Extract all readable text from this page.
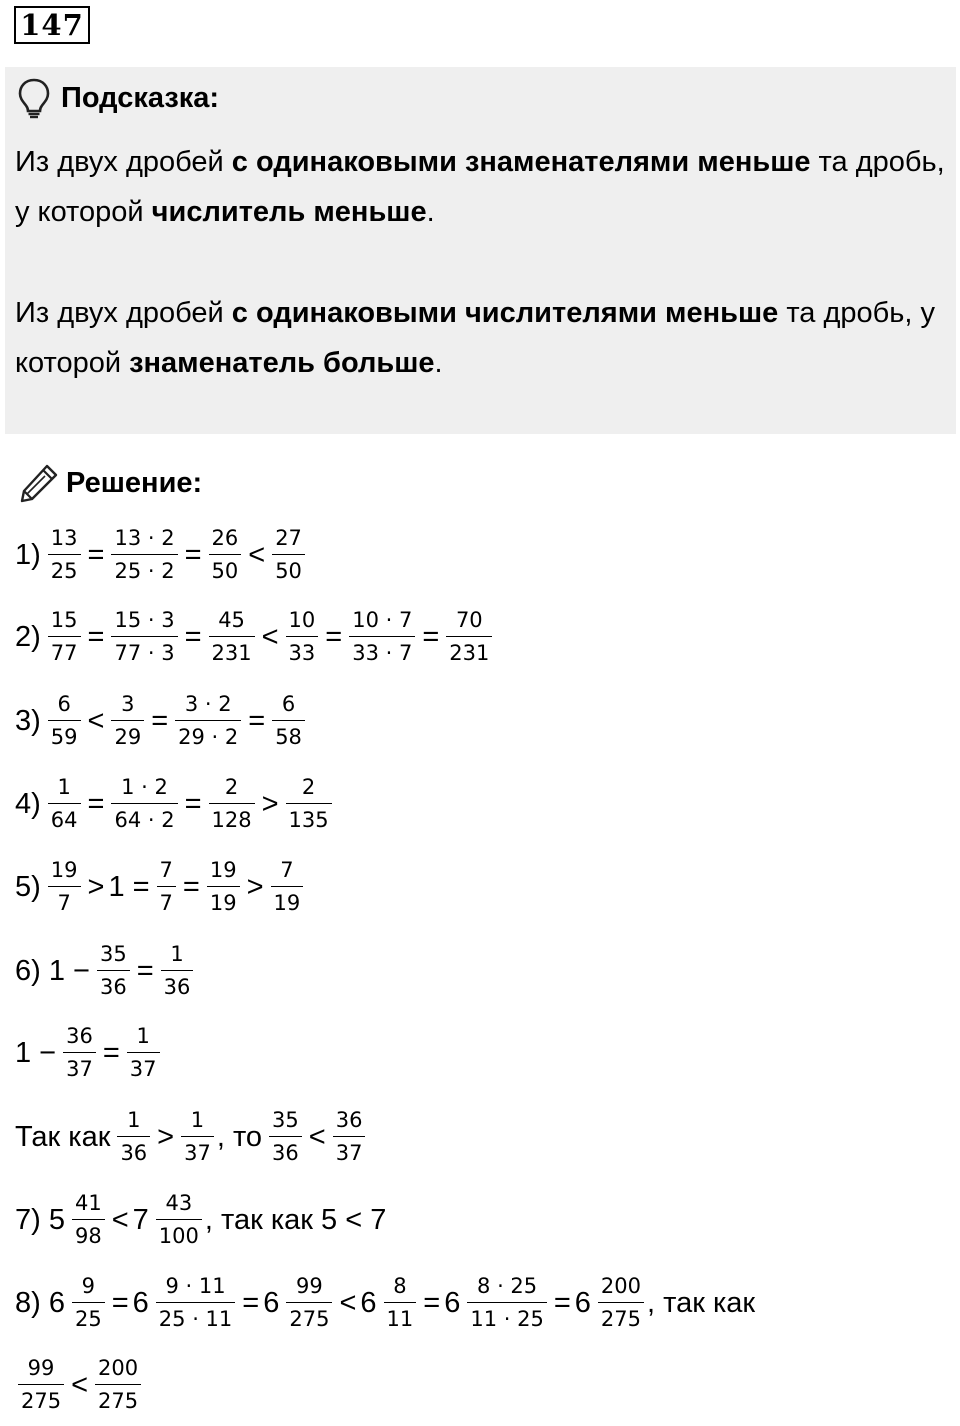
147
Подсказка:
Из двух дробей с одинаковыми знаменателями меньше та дробь, у которой числитель меньше.
Из двух дробей с одинаковыми числителями меньше та дробь, у которой знаменатель больше.
Решение:
$1) \frac{13}{25} = \frac{13 \cdot 2}{25 \cdot 2} = \frac{26}{50} < \frac{27}{50}$
$2) \frac{15}{77} = \frac{15 \cdot 3}{77 \cdot 3} = \frac{45}{231} < \frac{10}{33} = \frac{10 \cdot 7}{33 \cdot 7} = \frac{70}{231}$
$3) \frac{6}{59} < \frac{3}{29} = \frac{3 \cdot 2}{29 \cdot 2} = \frac{6}{58}$
$4) \frac{1}{64} = \frac{1 \cdot 2}{64 \cdot 2} = \frac{2}{128} > \frac{2}{135}$
$5) \frac{19}{7} > 1 = \frac{7}{7} = \frac{19}{19} > \frac{7}{19}$
6) $1 - \frac{35}{36} = \frac{1}{36}$
$1 - \frac{36}{37} = \frac{1}{37}$
Так как $\frac{1}{36} > \frac{1}{37}$ , то $\frac{35}{36} < \frac{36}{37}$
7) $5 \frac{41}{98} < 7 \frac{43}{100}$ , так как 5 < 7
8) $6 \frac{9}{25} = 6 \frac{9 \cdot 11}{25 \cdot 11} = 6 \frac{99}{275} < 6 \frac{8}{11} = 6 \frac{8 \cdot 25}{11 \cdot 25} = 6 \frac{200}{275}$ , так как
$\frac{99}{275} < \frac{200}{275}$
